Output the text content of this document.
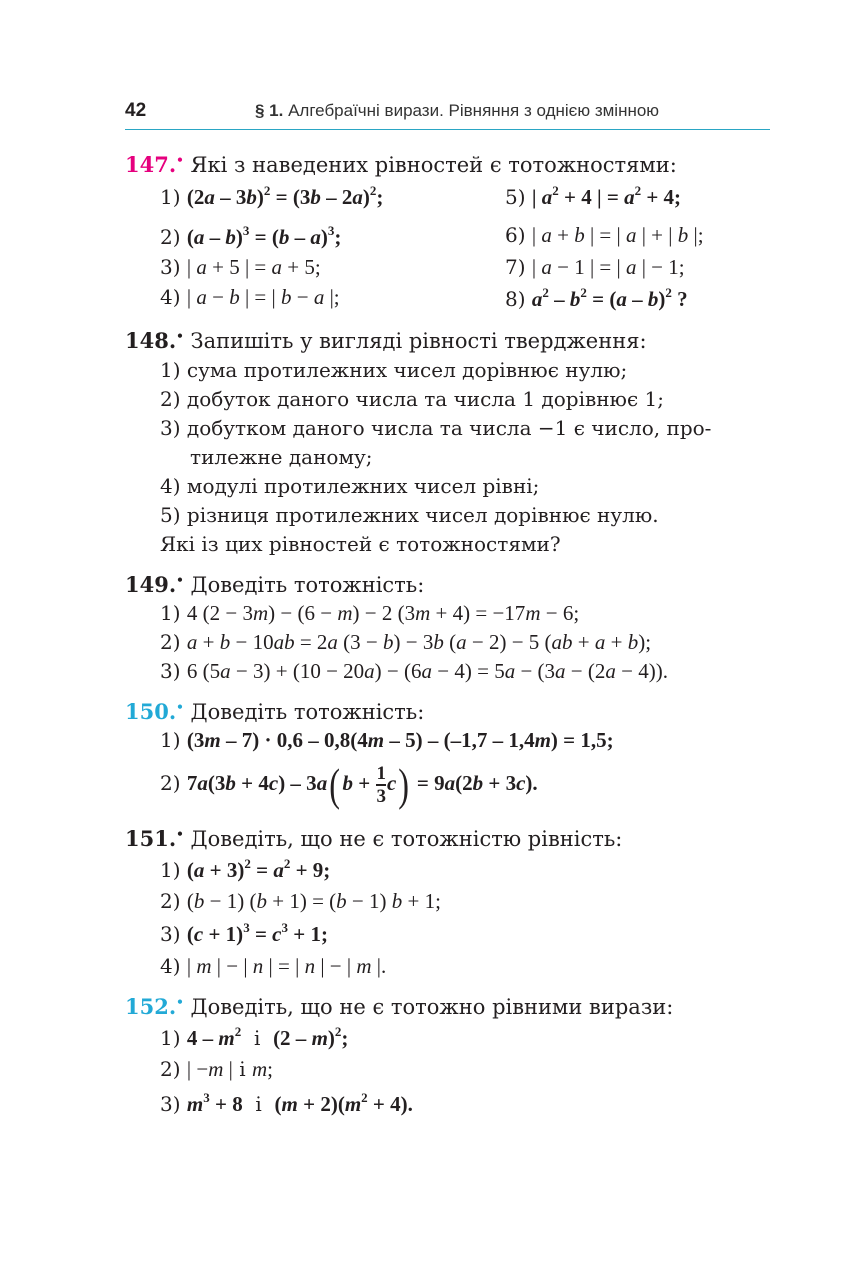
42	§ 1. Алгебраїчні вирази. Рівняння з однією змінною
147.• Які з наведених рівностей є тотожностями:
1) (2a – 3b)$^2$ = (3b – 2a)$^2$;	5) | $a^2 + 4$ | = $a^2 + 4$;
2) (a – b)$^3$ = (b – a)$^3$;	6) | a + b | = | a | + | b |;
3) | a + 5 | = a + 5;	7) | a − 1 | = | a | − 1;
4) | a − b | = | b − a |;	8) $a^2 - b^2 = (a - b)^2$ ?
148.• Запишіть у вигляді рівності твердження:
1) сума протилежних чисел дорівнює нулю;
2) добуток даного числа та числа 1 дорівнює 1;
3) добутком даного числа та числа −1 є число, про-
тилежне даному;
4) модулі протилежних чисел рівні;
5) різниця протилежних чисел дорівнює нулю.
Які із цих рівностей є тотожностями?
149.• Доведіть тотожність:
1) 4 (2 − 3m) − (6 − m) − 2 (3m + 4) = −17m − 6;
2) a + b − 10ab = 2a (3 − b) − 3b (a − 2) − 5 (ab + a + b);
3) 6 (5a − 3) + (10 − 20a) − (6a − 4) = 5a − (3a − (2a − 4)).
150.• Доведіть тотожність:
1) (3m – 7) · 0,6 – 0,8(4m – 5) – (–1,7 – 1,4m) = 1,5;
2) 7a(3b + 4c) – 3a( $b + \frac{1}{3} c) = 9a(2b + 3c)$.
151.• Доведіть, що не є тотожністю рівність:
1) $(a + 3)^2 = a^2 + 9$;
2) (b − 1) (b + 1) = (b − 1) b + 1;
3) $(c + 1)^3 = c^3 + 1$;
4) | m | − | n | = | n | − | m |.
152.• Доведіть, що не є тотожно рівними вирази:
1) $4 - m^2$  і  (2 – m)$^2$;
2) | −m | і m;
3) $m^3 + 8$  і  $(m + 2)(m^2 + 4)$.
